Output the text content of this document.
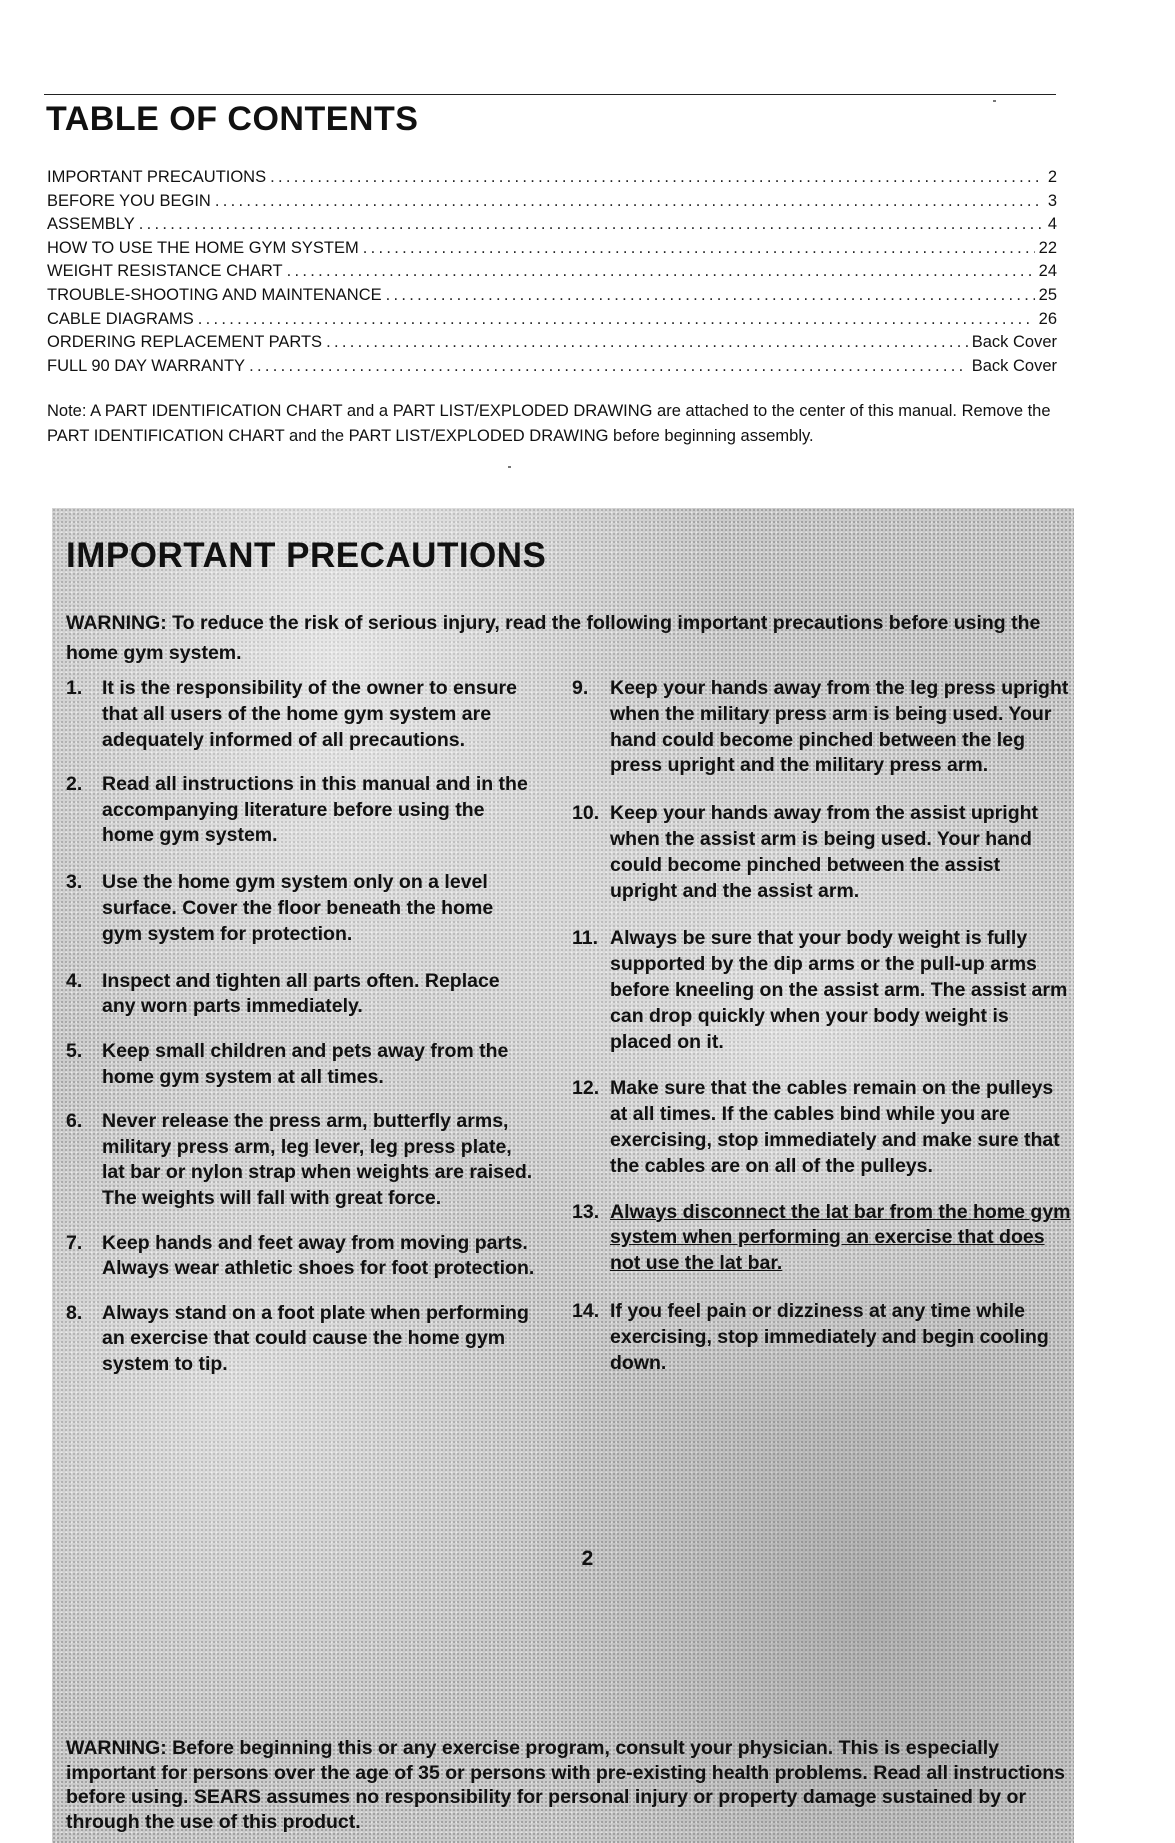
TABLE OF CONTENTS
IMPORTANT PRECAUTIONS .....	2
BEFORE YOU BEGIN .....	3
ASSEMBLY .....	4
HOW TO USE THE HOME GYM SYSTEM .....	22
WEIGHT RESISTANCE CHART .....	24
TROUBLE-SHOOTING AND MAINTENANCE .....	25
CABLE DIAGRAMS .....	26
ORDERING REPLACEMENT PARTS .....	Back Cover
FULL 90 DAY WARRANTY .....	Back Cover

Note: A PART IDENTIFICATION CHART and a PART LIST/EXPLODED DRAWING are attached to the center of this manual. Remove the PART IDENTIFICATION CHART and the PART LIST/EXPLODED DRAWING before beginning assembly.

IMPORTANT PRECAUTIONS

WARNING: To reduce the risk of serious injury, read the following important precautions before using the home gym system.

1.	It is the responsibility of the owner to ensure that all users of the home gym system are adequately informed of all precautions.
2.	Read all instructions in this manual and in the accompanying literature before using the home gym system.
3.	Use the home gym system only on a level surface. Cover the floor beneath the home gym system for protection.
4.	Inspect and tighten all parts often. Replace any worn parts immediately.
5.	Keep small children and pets away from the home gym system at all times.
6.	Never release the press arm, butterfly arms, military press arm, leg lever, leg press plate, lat bar or nylon strap when weights are raised. The weights will fall with great force.
7.	Keep hands and feet away from moving parts. Always wear athletic shoes for foot protection.
8.	Always stand on a foot plate when performing an exercise that could cause the home gym system to tip.
9.	Keep your hands away from the leg press upright when the military press arm is being used. Your hand could become pinched between the leg press upright and the military press arm.
10. Keep your hands away from the assist upright when the assist arm is being used. Your hand could become pinched between the assist upright and the assist arm.
11. Always be sure that your body weight is fully supported by the dip arms or the pull-up arms before kneeling on the assist arm. The assist arm can drop quickly when your body weight is placed on it.
12. Make sure that the cables remain on the pulleys at all times. If the cables bind while you are exercising, stop immediately and make sure that the cables are on all of the pulleys.
13. Always disconnect the lat bar from the home gym system when performing an exercise that does not use the lat bar.
14. If you feel pain or dizziness at any time while exercising, stop immediately and begin cooling down.

WARNING: Before beginning this or any exercise program, consult your physician. This is especially important for persons over the age of 35 or persons with pre-existing health problems. Read all instructions before using. SEARS assumes no responsibility for personal injury or property damage sustained by or through the use of this product.

2
